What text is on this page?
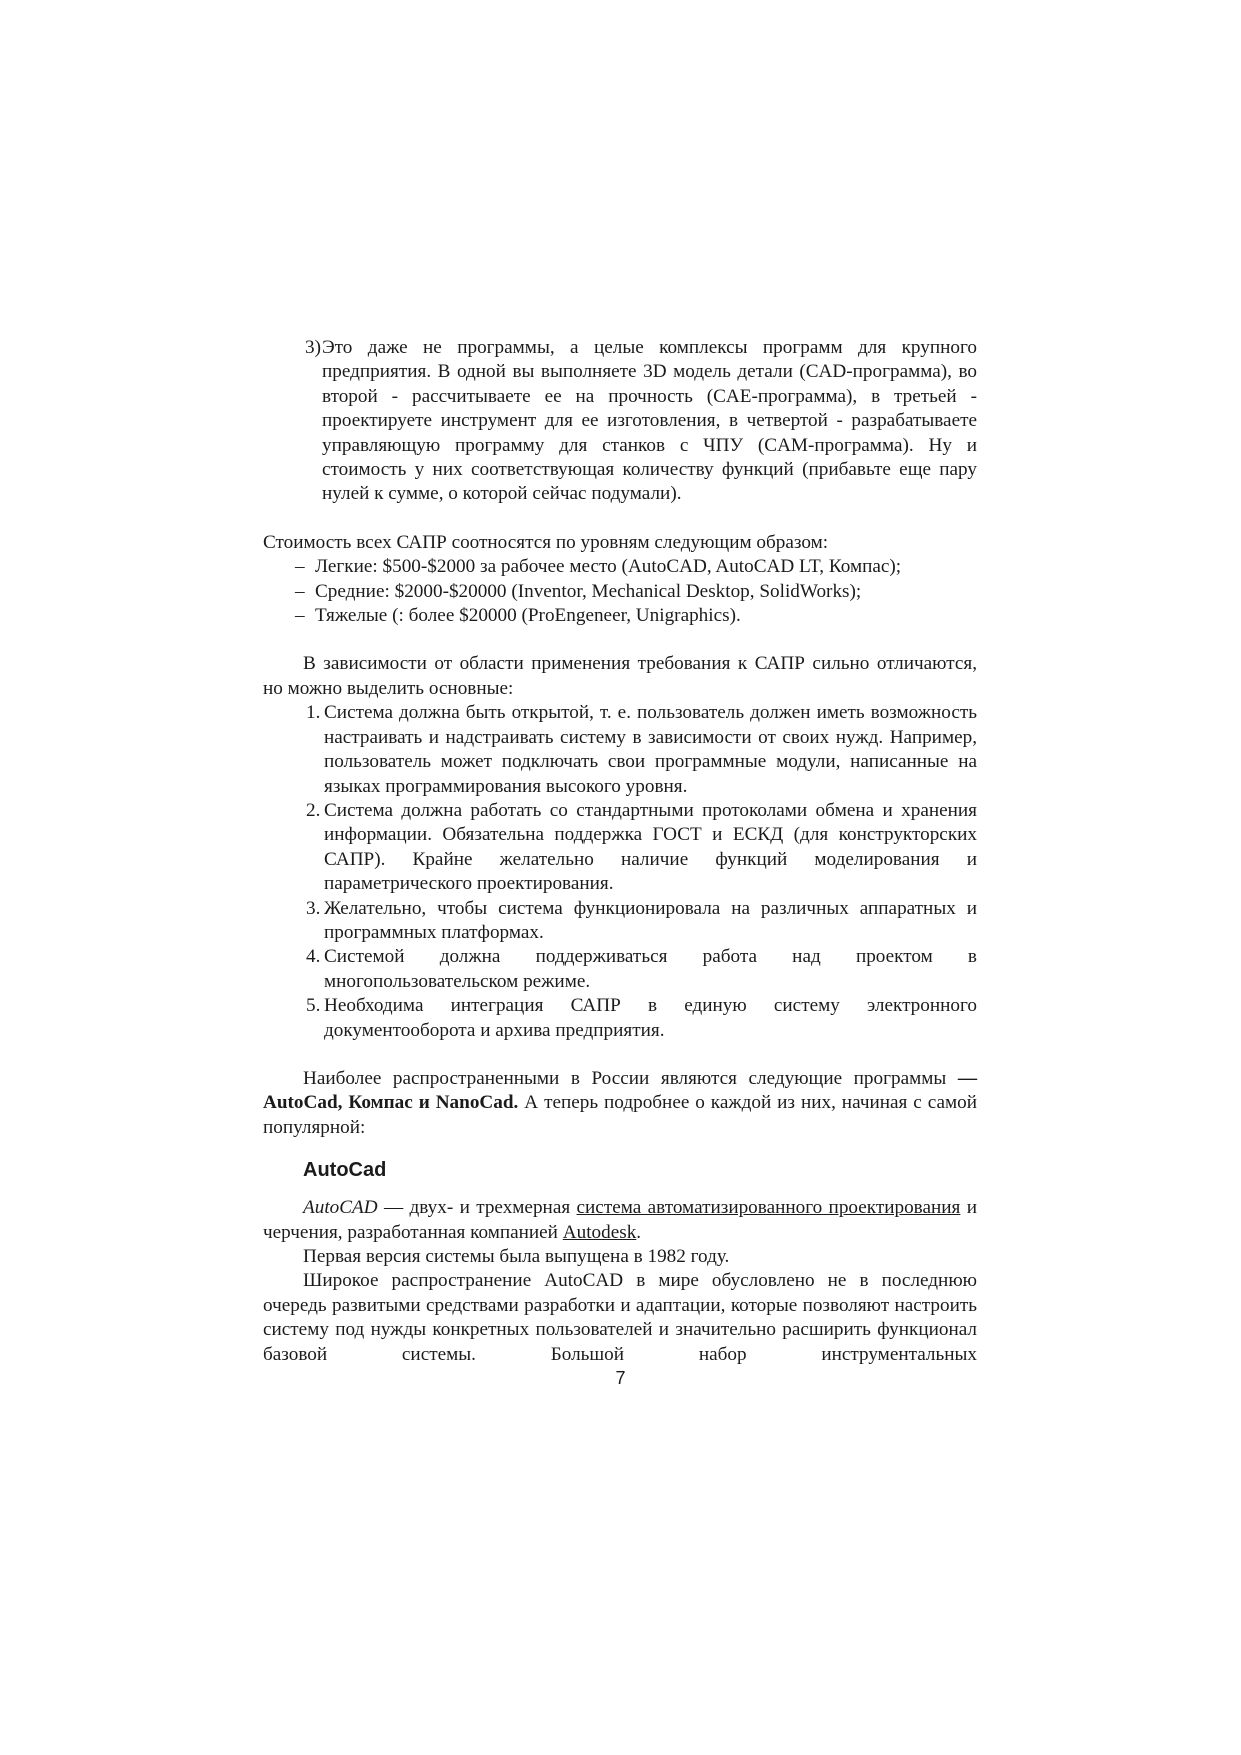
3) Это даже не программы, а целые комплексы программ для крупного предприятия. В одной вы выполняете 3D модель детали (CAD-программа), во второй - рассчитываете ее на прочность (CAE-программа), в третьей - проектируете инструмент для ее изготовления, в четвертой - разрабатываете управляющую программу для станков с ЧПУ (CAM-программа). Ну и стоимость у них соответствующая количеству функций (прибавьте еще пару нулей к сумме, о которой сейчас подумали).

Стоимость всех САПР соотносятся по уровням следующим образом:

– Легкие: $500-$2000 за рабочее место (AutoCAD, AutoCAD LT, Компас);
– Средние: $2000-$20000 (Inventor, Mechanical Desktop, SolidWorks);
– Тяжелые (: более $20000 (ProEngeneer, Unigraphics).

В зависимости от области применения требования к САПР сильно отличаются, но можно выделить основные:

1. Система должна быть открытой, т. е. пользователь должен иметь возможность настраивать и надстраивать систему в зависимости от своих нужд. Например, пользователь может подключать свои программные модули, написанные на языках программирования высокого уровня.
2. Система должна работать со стандартными протоколами обмена и хранения информации. Обязательна поддержка ГОСТ и ЕСКД (для конструкторских САПР). Крайне желательно наличие функций моделирования и параметрического проектирования.
3. Желательно, чтобы система функционировала на различных аппаратных и программных платформах.
4. Системой должна поддерживаться работа над проектом в многопользовательском режиме.
5. Необходима интеграция САПР в единую систему электронного документооборота и архива предприятия.

Наиболее распространенными в России являются следующие программы — AutoCad, Компас и NanoCad. А теперь подробнее о каждой из них, начиная с самой популярной:

AutoCad

AutoCAD — двух- и трехмерная система автоматизированного проектирования и черчения, разработанная компанией Autodesk.

Первая версия системы была выпущена в 1982 году.

Широкое распространение AutoCAD в мире обусловлено не в последнюю очередь развитыми средствами разработки и адаптации, которые позволяют настроить систему под нужды конкретных пользователей и значительно расширить функционал базовой системы. Большой набор инструментальных

7
